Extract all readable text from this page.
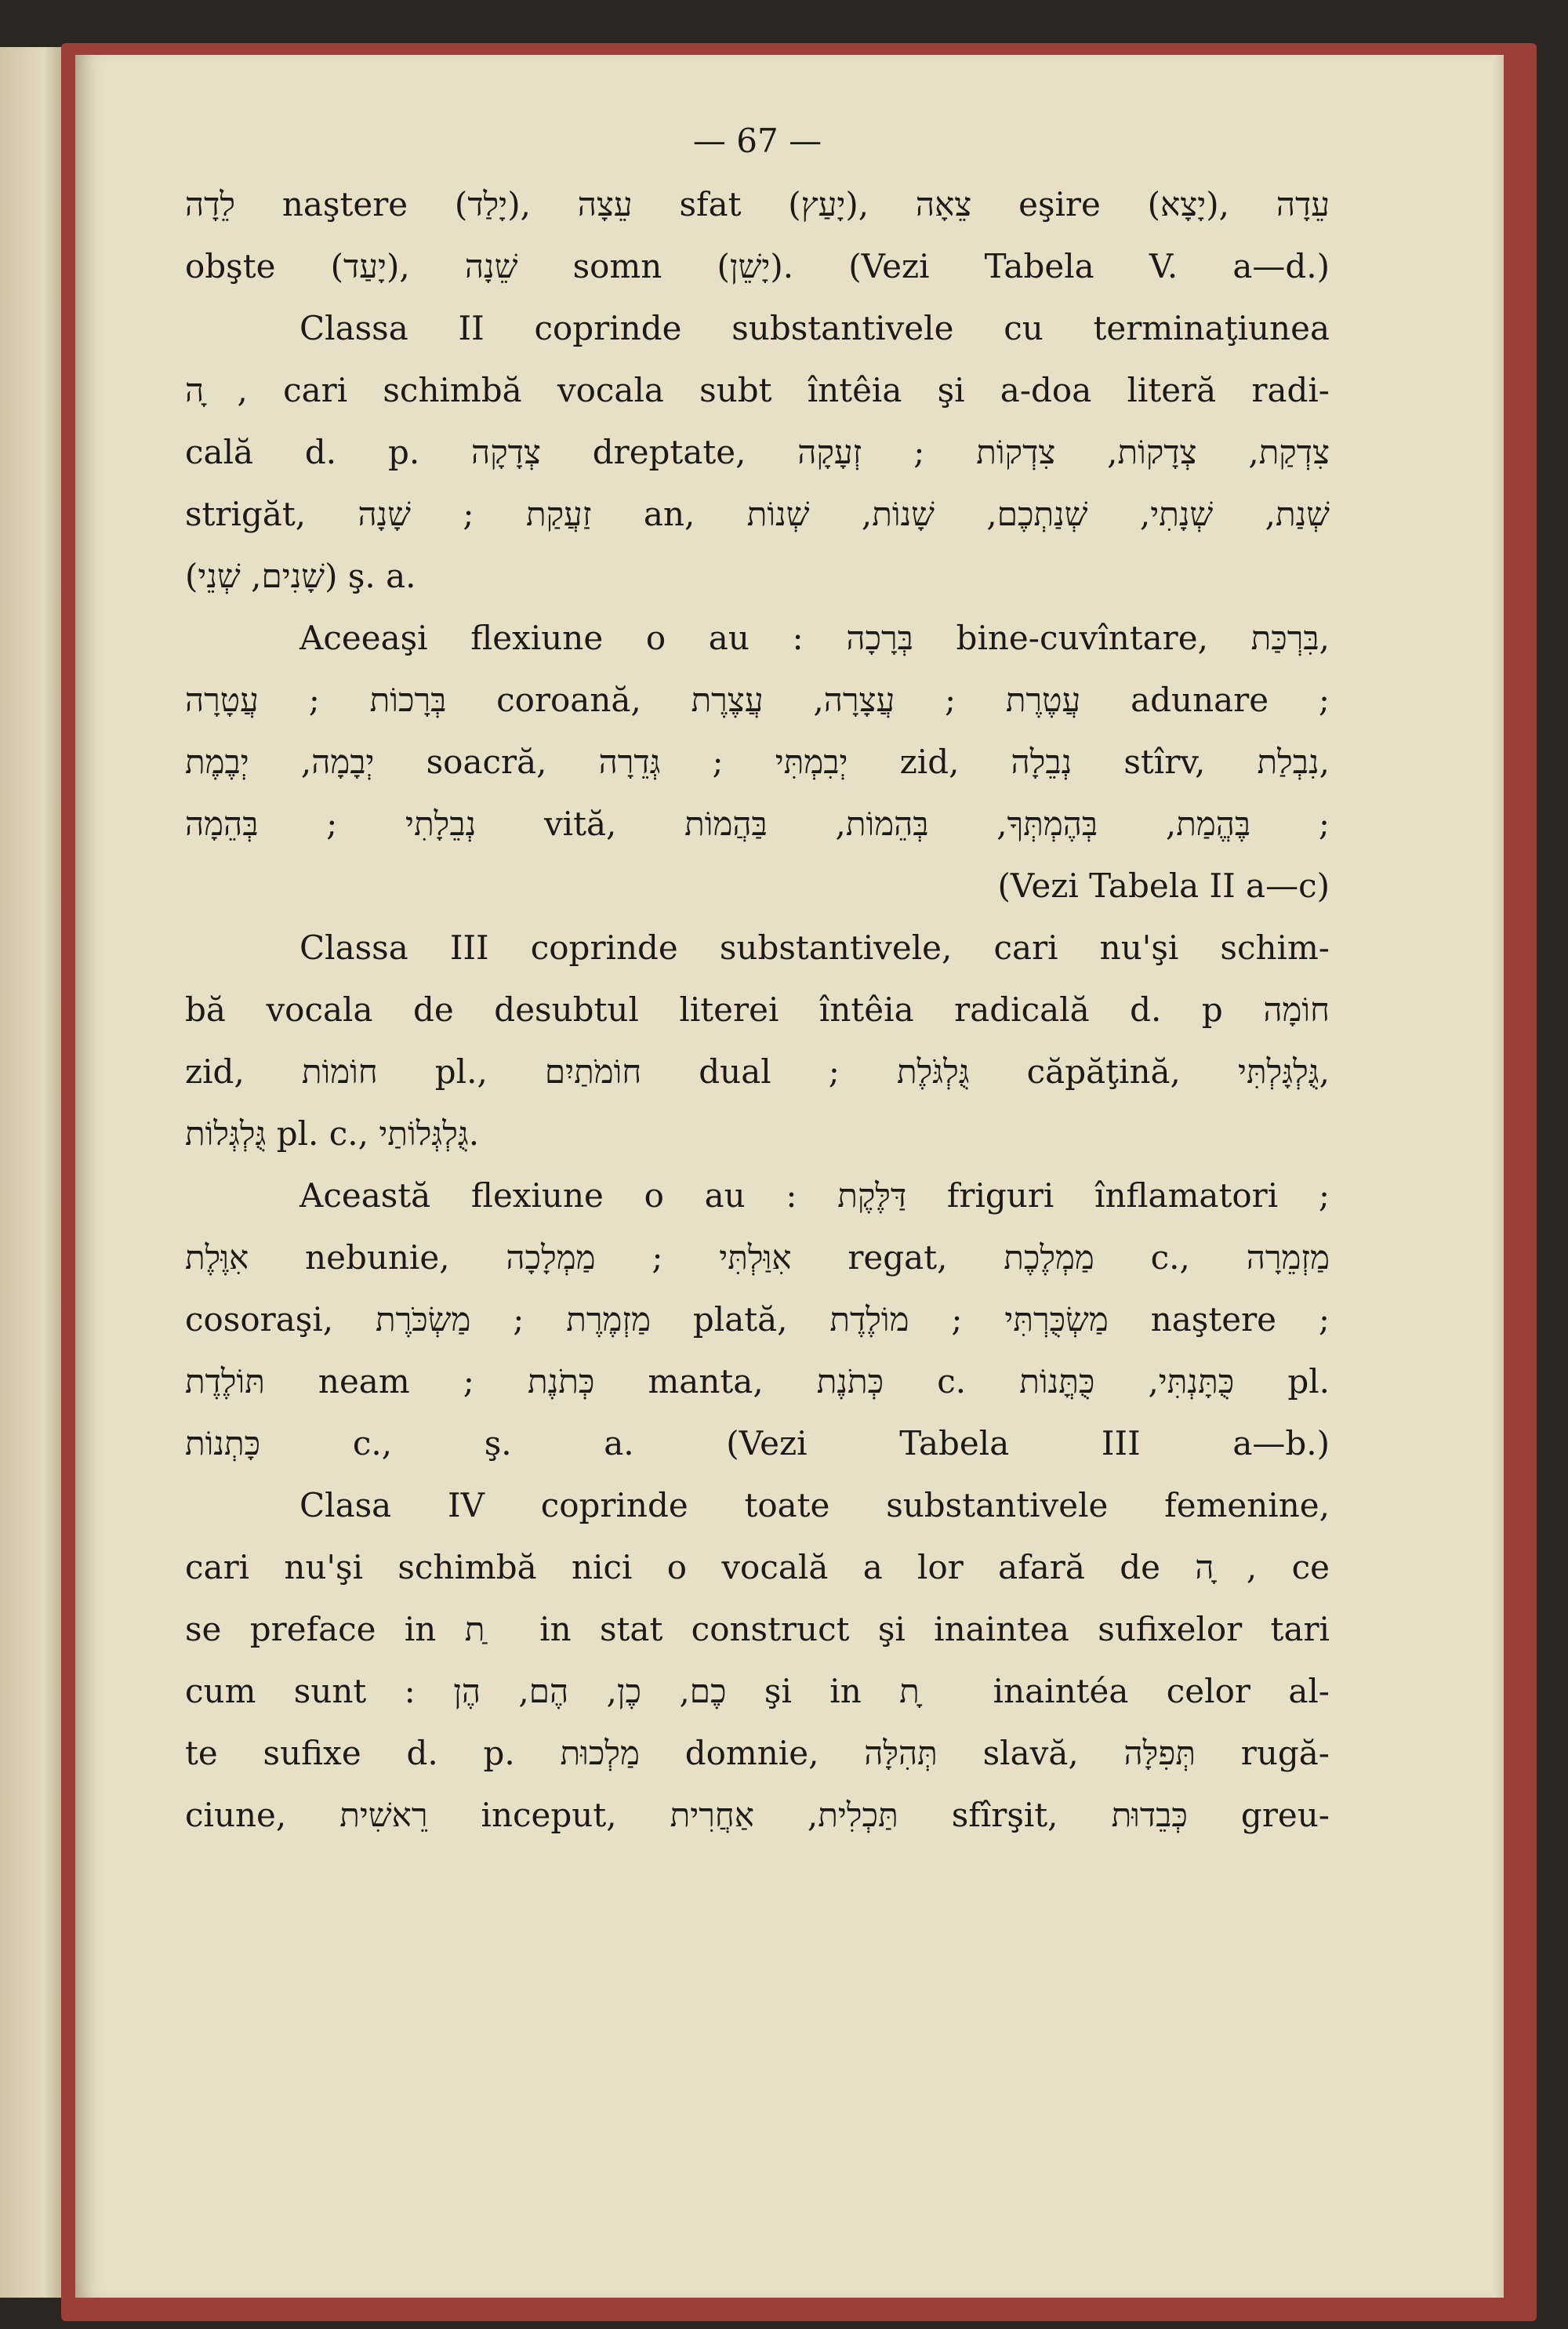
— 67 —
לֵדָה naştere (יָלַד), עֵצָה sfat (יָעַץ), צֵאָה eşire (יָצָא), עֵדָה
obşte (יָעַד), שֵׁנָה somn (יָשֵׁן). (Vezi Tabela V. a—d.)
Classa II coprinde substantivele cu terminaţiunea
ה ָ, cari schimbă vocala subt întêia şi a-doa literă radi-
cală d. p. צְדָקָה dreptate, צִדְקַת, צְדָקוֹת, צִדְקוֹת ; זְעָקָה
strigăt, זַעֲקַת ; שָׁנָה an, שְׁנַת, שְׁנָתִי, שְׁנַתְכֶם, שָׁנוֹת, שְׁנוֹת
(שָׁנִים, שְׁנֵי) ş. a.
Aceeaşi flexiune o au : בְּרָכָה bine-cuvîntare, בִּרְכַּת,
בְּרָכוֹת ; עֲטָרָה coroană, עֲטֶרֶת ; עֲצָרָה, עֲצֶרֶת adunare ;
יְבָמָה, יְבֶמֶת soacră, יְבִמְתִּי ; גְּדֵרָה zid, נְבֵלָה stîrv, נִבְלַת,
נְבֵלָתִי ; בְּהֵמָה vită, בֶּהֱמַת, בְּהֶמְתְּךָ, בְּהֵמוֹת, בַּהֲמוֹת ;
(Vezi Tabela II a—c)
Classa III coprinde substantivele, cari nu'şi schim-
bă vocala de desubtul literei întêia radicală d. p חוֹמָה
zid, חוֹמוֹת pl., חוֹמֹתַיִם dual ; גֻּלְגֹּלֶת căpăţină, גֻּלְגָּלְתִּי,
גֻּלְגְּלוֹת pl. c., גֻּלְגְּלוֹתַי.
Această flexiune o au : דַּלֶּקֶת friguri înflamatori ;
אִוֶּלֶת nebunie, אִוַּלְתִּי ; מַמְלָכָה regat, מַמְלֶכֶת c., מַזְמֵרָה
cosoraşi, מַזְמֶרֶת ; מַשְׂכֹּרֶת plată, מַשְׂכֻּרְתִּי ; מוֹלֶדֶת naştere ;
תּוֹלֶדֶת neam ; כְּתֹנֶת manta, כְּתֹנֶת c. כֻּתָּנְתִּי, כֻּתֳּנוֹת pl.
כָּתְנוֹת c., ş. a. (Vezi Tabela III a—b.)
Clasa IV coprinde toate substantivele femenine,
cari nu'şi schimbă nici o vocală a lor afară de ה ָ, ce
se preface in ת ַ in stat construct şi inaintea sufixelor tari
cum sunt : כֶם, כֶן, הֶם, הֶן şi in ת ָ inaintéa celor al-
te sufixe d. p. מַלְכוּת domnie, תְּהִלָּה slavă, תְּפִלָּה rugă-
ciune, רֵאשִׁית inceput, תַּכְלִית, אַחֲרִית sfîrşit, כְּבֵדוּת greu-
